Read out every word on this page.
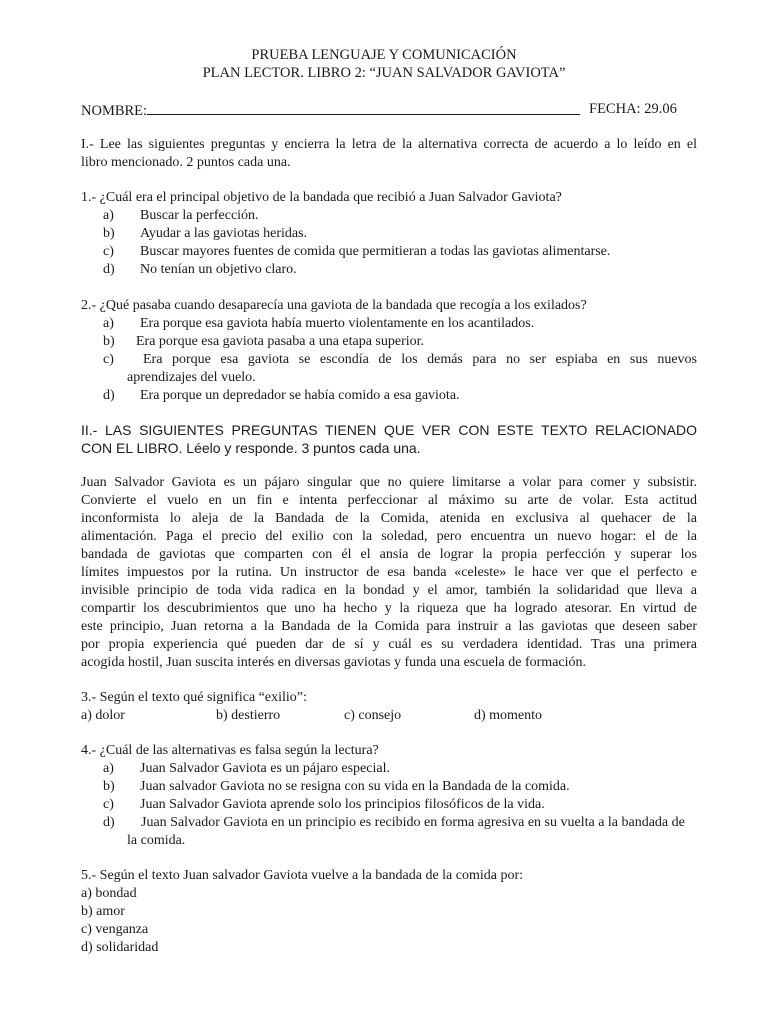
PRUEBA LENGUAJE Y COMUNICACIÓN
PLAN LECTOR. LIBRO 2: “JUAN SALVADOR GAVIOTA”
NOMBRE:	FECHA: 29.06
I.- Lee las siguientes preguntas y encierra la letra de la alternativa correcta de acuerdo a lo leído en el
libro mencionado. 2 puntos cada una.
1.- ¿Cuál era el principal objetivo de la bandada que recibió a Juan Salvador Gaviota?
a) Buscar la perfección.
b) Ayudar a las gaviotas heridas.
c) Buscar mayores fuentes de comida que permitieran a todas las gaviotas alimentarse.
d) No tenían un objetivo claro.
2.- ¿Qué pasaba cuando desaparecía una gaviota de la bandada que recogía a los exilados?
a) Era porque esa gaviota había muerto violentamente en los acantilados.
b) Era porque esa gaviota pasaba a una etapa superior.
c) Era porque esa gaviota se escondía de los demás para no ser espiaba en sus nuevos
aprendizajes del vuelo.
d) Era porque un depredador se había comido a esa gaviota.
II.- LAS SIGUIENTES PREGUNTAS TIENEN QUE VER CON ESTE TEXTO RELACIONADO
CON EL LIBRO. Léelo y responde. 3 puntos cada una.
Juan Salvador Gaviota es un pájaro singular que no quiere limitarse a volar para comer y subsistir.
Convierte el vuelo en un fin e intenta perfeccionar al máximo su arte de volar. Esta actitud
inconformista lo aleja de la Bandada de la Comida, atenida en exclusiva al quehacer de la
alimentación. Paga el precio del exilio con la soledad, pero encuentra un nuevo hogar: el de la
bandada de gaviotas que comparten con él el ansia de lograr la propia perfección y superar los
límites impuestos por la rutina. Un instructor de esa banda «celeste» le hace ver que el perfecto e
invisible principio de toda vida radica en la bondad y el amor, también la solidaridad que lleva a
compartir los descubrimientos que uno ha hecho y la riqueza que ha logrado atesorar. En virtud de
este principio, Juan retorna a la Bandada de la Comida para instruir a las gaviotas que deseen saber
por propia experiencia qué pueden dar de sí y cuál es su verdadera identidad. Tras una primera
acogida hostil, Juan suscita interés en diversas gaviotas y funda una escuela de formación.
3.- Según el texto qué significa “exilio”:
a) dolor	b) destierro	c) consejo	d) momento
4.- ¿Cuál de las alternativas es falsa según la lectura?
a) Juan Salvador Gaviota es un pájaro especial.
b) Juan salvador Gaviota no se resigna con su vida en la Bandada de la comida.
c) Juan Salvador Gaviota aprende solo los principios filosóficos de la vida.
d) Juan Salvador Gaviota en un principio es recibido en forma agresiva en su vuelta a la bandada de
la comida.
5.- Según el texto Juan salvador Gaviota vuelve a la bandada de la comida por:
a) bondad
b) amor
c) venganza
d) solidaridad
